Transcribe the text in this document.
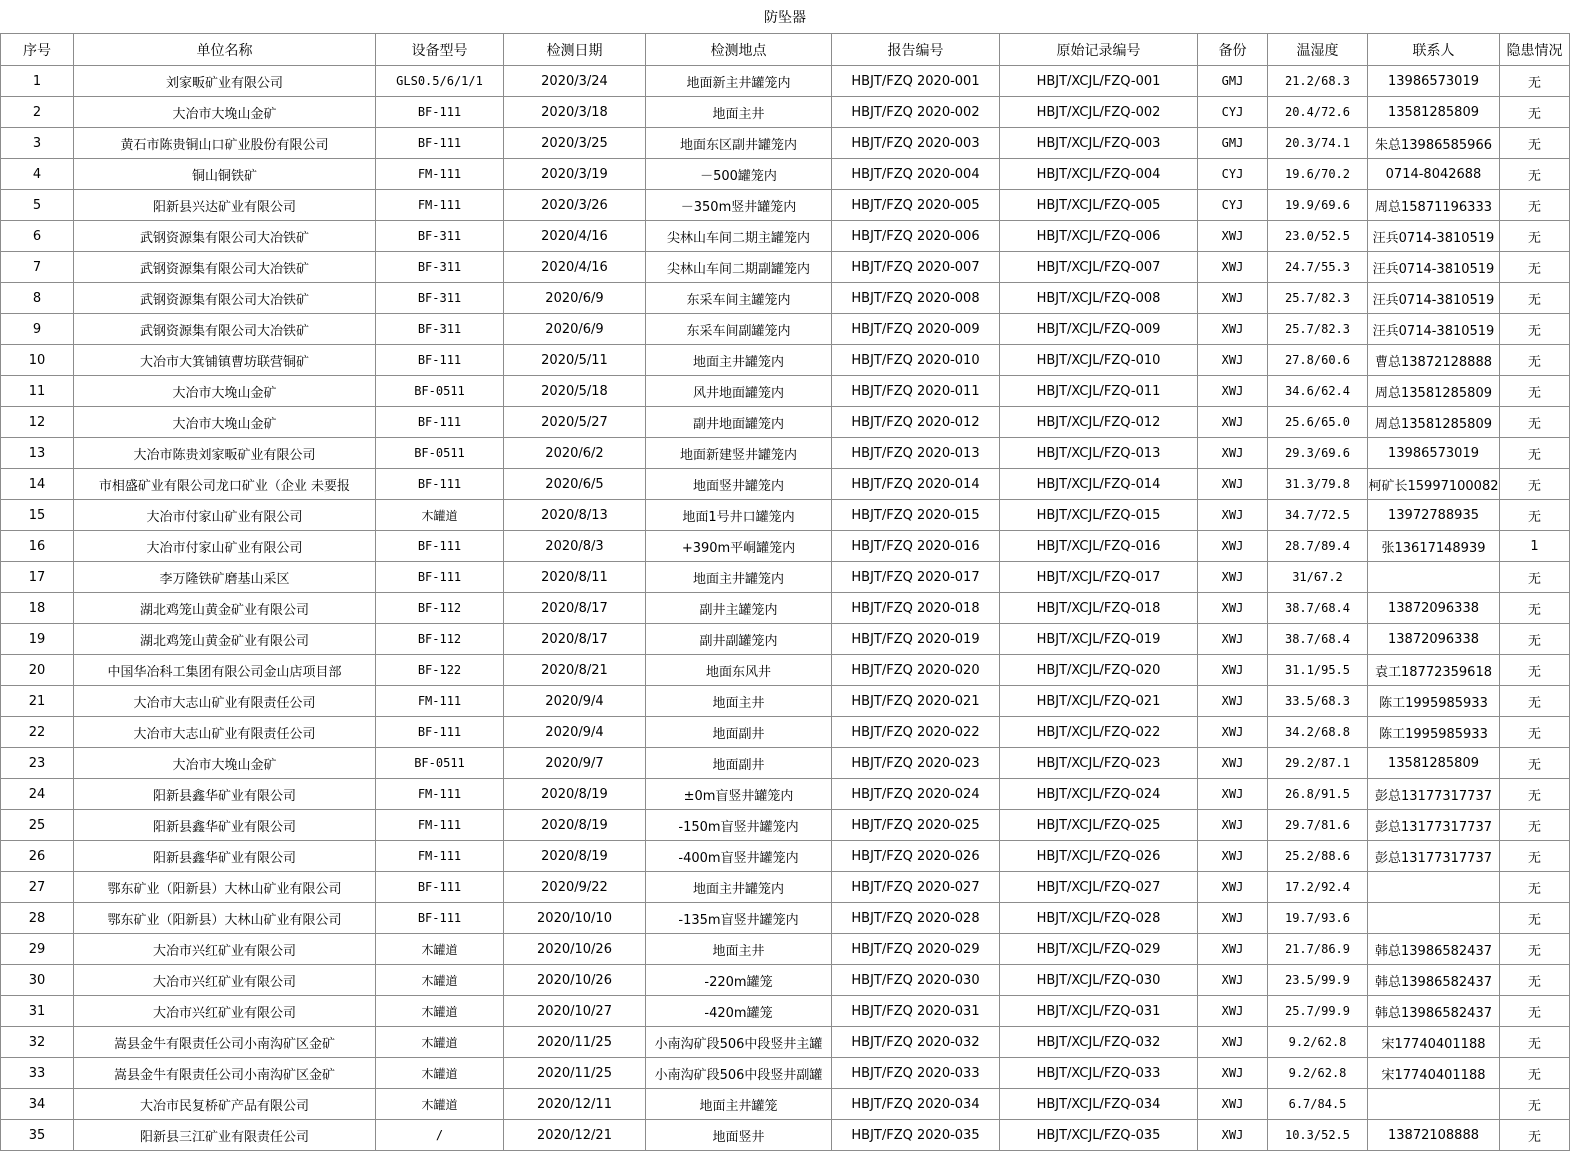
防坠器										
序号	单位名称	设备型号	检测日期	检测地点	报告编号	原始记录编号	备份	温湿度	联系人	隐患情况
1	刘家畈矿业有限公司	GLS0.5/6/1/1	2020/3/24	地面新主井罐笼内	HBJT/FZQ 2020-001	HBJT/XCJL/FZQ-001	GMJ	21.2/68.3	13986573019	无
2	大冶市大堍山金矿	BF-111	2020/3/18	地面主井	HBJT/FZQ 2020-002	HBJT/XCJL/FZQ-002	CYJ	20.4/72.6	13581285809	无
3	黄石市陈贵铜山口矿业股份有限公司	BF-111	2020/3/25	地面东区副井罐笼内	HBJT/FZQ 2020-003	HBJT/XCJL/FZQ-003	GMJ	20.3/74.1	朱总13986585966	无
4	铜山铜铁矿	FM-111	2020/3/19	－500罐笼内	HBJT/FZQ 2020-004	HBJT/XCJL/FZQ-004	CYJ	19.6/70.2	0714-8042688	无
5	阳新县兴达矿业有限公司	FM-111	2020/3/26	－350m竖井罐笼内	HBJT/FZQ 2020-005	HBJT/XCJL/FZQ-005	CYJ	19.9/69.6	周总15871196333	无
6	武钢资源集有限公司大冶铁矿	BF-311	2020/4/16	尖林山车间二期主罐笼内	HBJT/FZQ 2020-006	HBJT/XCJL/FZQ-006	XWJ	23.0/52.5	汪兵0714-3810519	无
7	武钢资源集有限公司大冶铁矿	BF-311	2020/4/16	尖林山车间二期副罐笼内	HBJT/FZQ 2020-007	HBJT/XCJL/FZQ-007	XWJ	24.7/55.3	汪兵0714-3810519	无
8	武钢资源集有限公司大冶铁矿	BF-311	2020/6/9	东采车间主罐笼内	HBJT/FZQ 2020-008	HBJT/XCJL/FZQ-008	XWJ	25.7/82.3	汪兵0714-3810519	无
9	武钢资源集有限公司大冶铁矿	BF-311	2020/6/9	东采车间副罐笼内	HBJT/FZQ 2020-009	HBJT/XCJL/FZQ-009	XWJ	25.7/82.3	汪兵0714-3810519	无
10	大冶市大箕铺镇曹坊联营铜矿	BF-111	2020/5/11	地面主井罐笼内	HBJT/FZQ 2020-010	HBJT/XCJL/FZQ-010	XWJ	27.8/60.6	曹总13872128888	无
11	大冶市大堍山金矿	BF-0511	2020/5/18	风井地面罐笼内	HBJT/FZQ 2020-011	HBJT/XCJL/FZQ-011	XWJ	34.6/62.4	周总13581285809	无
12	大冶市大堍山金矿	BF-111	2020/5/27	副井地面罐笼内	HBJT/FZQ 2020-012	HBJT/XCJL/FZQ-012	XWJ	25.6/65.0	周总13581285809	无
13	大冶市陈贵刘家畈矿业有限公司	BF-0511	2020/6/2	地面新建竖井罐笼内	HBJT/FZQ 2020-013	HBJT/XCJL/FZQ-013	XWJ	29.3/69.6	13986573019	无
14	市相盛矿业有限公司龙口矿业（企业 未要报	BF-111	2020/6/5	地面竖井罐笼内	HBJT/FZQ 2020-014	HBJT/XCJL/FZQ-014	XWJ	31.3/79.8	柯矿长15997100082	无
15	大冶市付家山矿业有限公司	木罐道	2020/8/13	地面1号井口罐笼内	HBJT/FZQ 2020-015	HBJT/XCJL/FZQ-015	XWJ	34.7/72.5	13972788935	无
16	大冶市付家山矿业有限公司	BF-111	2020/8/3	+390m平峒罐笼内	HBJT/FZQ 2020-016	HBJT/XCJL/FZQ-016	XWJ	28.7/89.4	张13617148939	1
17	李万隆铁矿磨基山采区	BF-111	2020/8/11	地面主井罐笼内	HBJT/FZQ 2020-017	HBJT/XCJL/FZQ-017	XWJ	31/67.2		无
18	湖北鸡笼山黄金矿业有限公司	BF-112	2020/8/17	副井主罐笼内	HBJT/FZQ 2020-018	HBJT/XCJL/FZQ-018	XWJ	38.7/68.4	13872096338	无
19	湖北鸡笼山黄金矿业有限公司	BF-112	2020/8/17	副井副罐笼内	HBJT/FZQ 2020-019	HBJT/XCJL/FZQ-019	XWJ	38.7/68.4	13872096338	无
20	中国华冶科工集团有限公司金山店项目部	BF-122	2020/8/21	地面东风井	HBJT/FZQ 2020-020	HBJT/XCJL/FZQ-020	XWJ	31.1/95.5	袁工18772359618	无
21	大冶市大志山矿业有限责任公司	FM-111	2020/9/4	地面主井	HBJT/FZQ 2020-021	HBJT/XCJL/FZQ-021	XWJ	33.5/68.3	陈工1995985933	无
22	大冶市大志山矿业有限责任公司	BF-111	2020/9/4	地面副井	HBJT/FZQ 2020-022	HBJT/XCJL/FZQ-022	XWJ	34.2/68.8	陈工1995985933	无
23	大冶市大堍山金矿	BF-0511	2020/9/7	地面副井	HBJT/FZQ 2020-023	HBJT/XCJL/FZQ-023	XWJ	29.2/87.1	13581285809	无
24	阳新县鑫华矿业有限公司	FM-111	2020/8/19	±0m盲竖井罐笼内	HBJT/FZQ 2020-024	HBJT/XCJL/FZQ-024	XWJ	26.8/91.5	彭总13177317737	无
25	阳新县鑫华矿业有限公司	FM-111	2020/8/19	-150m盲竖井罐笼内	HBJT/FZQ 2020-025	HBJT/XCJL/FZQ-025	XWJ	29.7/81.6	彭总13177317737	无
26	阳新县鑫华矿业有限公司	FM-111	2020/8/19	-400m盲竖井罐笼内	HBJT/FZQ 2020-026	HBJT/XCJL/FZQ-026	XWJ	25.2/88.6	彭总13177317737	无
27	鄂东矿业（阳新县）大林山矿业有限公司	BF-111	2020/9/22	地面主井罐笼内	HBJT/FZQ 2020-027	HBJT/XCJL/FZQ-027	XWJ	17.2/92.4		无
28	鄂东矿业（阳新县）大林山矿业有限公司	BF-111	2020/10/10	-135m盲竖井罐笼内	HBJT/FZQ 2020-028	HBJT/XCJL/FZQ-028	XWJ	19.7/93.6		无
29	大冶市兴红矿业有限公司	木罐道	2020/10/26	地面主井	HBJT/FZQ 2020-029	HBJT/XCJL/FZQ-029	XWJ	21.7/86.9	韩总13986582437	无
30	大冶市兴红矿业有限公司	木罐道	2020/10/26	-220m罐笼	HBJT/FZQ 2020-030	HBJT/XCJL/FZQ-030	XWJ	23.5/99.9	韩总13986582437	无
31	大冶市兴红矿业有限公司	木罐道	2020/10/27	-420m罐笼	HBJT/FZQ 2020-031	HBJT/XCJL/FZQ-031	XWJ	25.7/99.9	韩总13986582437	无
32	嵩县金牛有限责任公司小南沟矿区金矿	木罐道	2020/11/25	小南沟矿段506中段竖井主罐	HBJT/FZQ 2020-032	HBJT/XCJL/FZQ-032	XWJ	9.2/62.8	宋17740401188	无
33	嵩县金牛有限责任公司小南沟矿区金矿	木罐道	2020/11/25	小南沟矿段506中段竖井副罐	HBJT/FZQ 2020-033	HBJT/XCJL/FZQ-033	XWJ	9.2/62.8	宋17740401188	无
34	大冶市民复桥矿产品有限公司	木罐道	2020/12/11	地面主井罐笼	HBJT/FZQ 2020-034	HBJT/XCJL/FZQ-034	XWJ	6.7/84.5		无
35	阳新县三江矿业有限责任公司	/	2020/12/21	地面竖井	HBJT/FZQ 2020-035	HBJT/XCJL/FZQ-035	XWJ	10.3/52.5	13872108888	无
